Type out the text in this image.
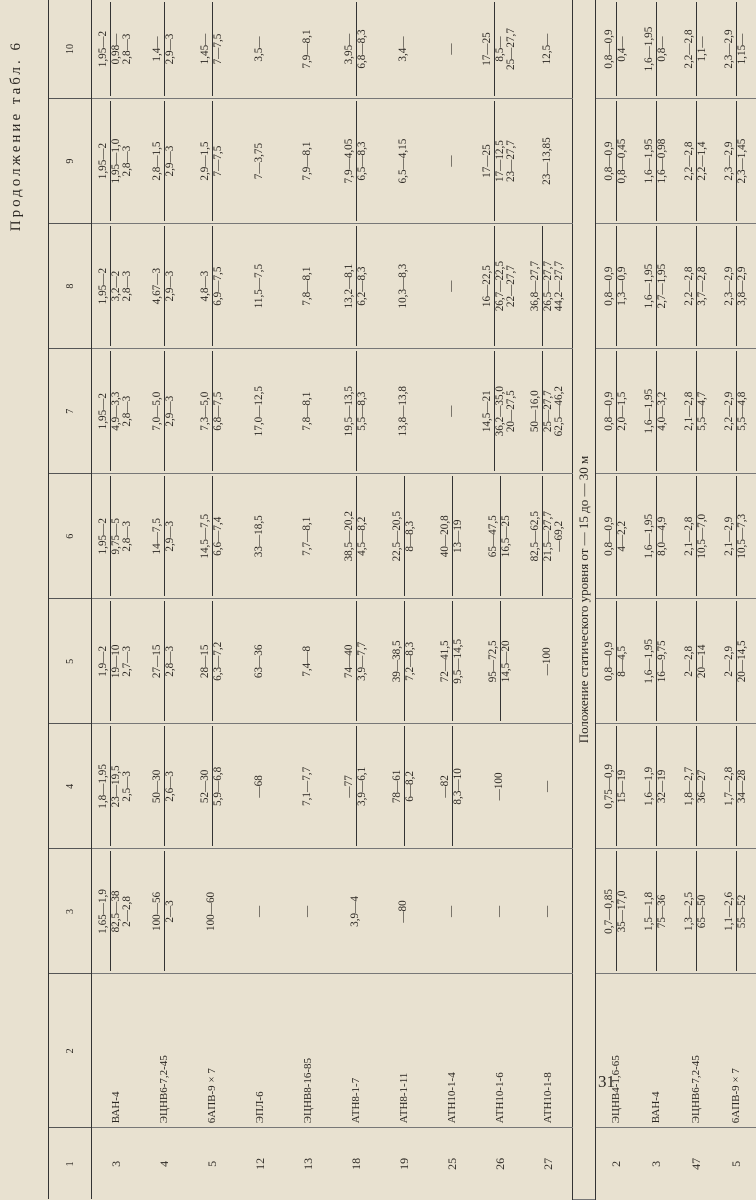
Продолжение табл. 6
1	2	3	4	5	6	7	8	9	10
3	ВАН-4	1,65—1,9 82,5—38 2—2,8	1,8—1,95 23—19,5 2,5—3	1,9—2 19—10 2,7—3	1,95—2 9,75—5 2,8—3	1,95—2 4,9—3,3 2,8—3	1,95—2 3,2—2 2,8—3	1,95—2 1,95—1,0 2,8—3	1,95—2 0,98— 2,8—3

4	ЭЦНВ6-7,2-45	100—56 2—3	50—30 2,6—3	27—15 2,8—3	14—7,5 2,9—3	7,0—5,0 2,9—3	4,67—3 2,9—3	2,8—1,5 2,9—3	1,4— 2,9—3

5	6АПВ-9 × 7	100—60	52—30 5,9—6,8	28—15 6,3—7,2	14,5—7,5 6,6—7,4	7,3—5,0 6,8—7,5	4,8—3 6,9—7,5	2,9—1,5 7—7,5	1,45— 7—7,5

12	ЭПЛ-6	—	—68	63—36	33—18,5	17,0—12,5	11,5—7,5	7—3,75	3,5—

13	ЭЦНВ8-16-85	—	7,1—7,7	7,4—8	7,7—8,1	7,8—8,1	7,8—8,1	7,9—8,1	7,9—8,1

18	АТН8-1-7	3,9—4	—77 3,9—6,1	74—40 3,9—7,7	38,5—20,2 4,5—8,2	19,5—13,5 5,5—8,3	13,2—8,1 6,2—8,3	7,9—4,05 6,5—8,3	3,95— 6,8—8,3

19	АТН8-1-11	—80	78—61 6—8,2	39—38,5 7,2—8,3	22,5—20,5 8—8,3	13,8—13,8	10,3—8,3	6,5—4,15	3,4—

25	АТН10-1-4	—	—82 8,3—10	72—41,5 9,5—14,5	40—20,8 13—19	—	—	—	—

26	АТН10-1-6	—	—100	95—72,5 14,5—20	65—47,5 16,5—25	14,5—21 36,2—35,0 20—27,5	16—22,5 26,7—22,5 22—27,7	17—25 17—12,5 23—27,7	17—25 8,5— 25—27,7

27	АТН10-1-8	—	—	—100	82,5—62,5 21,5—27,7 —69,2	50—16,0 25—27,7 62,5—46,2	36,8—27,7 26,5—27,7 44,2—27,7	23—13,85	12,5—

Положение статического уровня от — 15 до — 30 м									
2	ЭЦНВ4-1,6-65	0,7—0,85 35—17,0	0,75—0,9 15—19	0,8—0,9 8—4,5	0,8—0,9 4—2,2	0,8—0,9 2,0—1,5	0,8—0,9 1,3—0,9	0,8—0,9 0,8—0,45	0,8—0,9 0,4—

3	ВАН-4	1,5—1,8 75—36	1,6—1,9 32—19	1,6—1,95 16—9,75	1,6—1,95 8,0—4,9	1,6—1,95 4,0—3,2	1,6—1,95 2,7—1,95	1,6—1,95 1,6—0,98	1,6—1,95 0,8—

47	ЭЦНВ6-7,2-45	1,3—2,5 65—50	1,8—2,7 36—27	2—2,8 20—14	2,1—2,8 10,5—7,0	2,1—2,8 5,5—4,7	2,2—2,8 3,7—2,8	2,2—2,8 2,2—1,4	2,2—2,8 1,1—

5	6АПВ-9 × 7	1,1—2,6 55—52	1,7—2,8 34—28	2—2,9 20—14,5	2,1—2,9 10,5—7,3	2,2—2,9 5,5—4,8	2,3—2,9 3,8—2,9	2,3—2,9 2,3—1,45	2,3—2,9 1,15—
31
